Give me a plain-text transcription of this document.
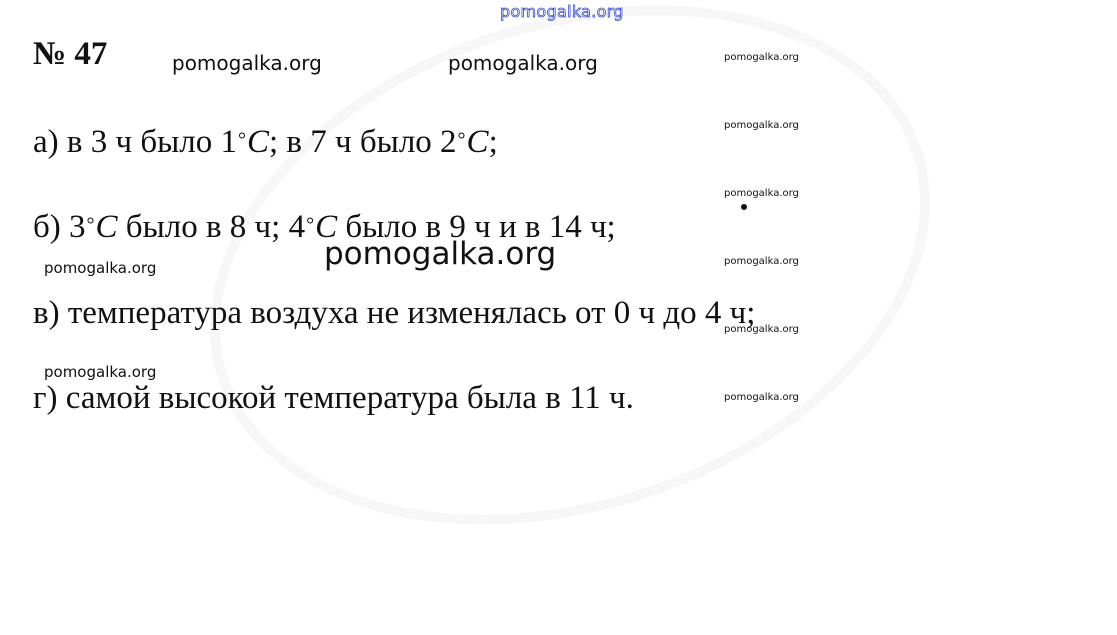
pomogalka.org
№ 47	pomogalka.org	pomogalka.org	pomogalka.org
pomogalka.org
pomogalka.org
pomogalka.org
pomogalka.org
pomogalka.org
а) в 3 ч было 1°C; в 7 ч было 2°C;
б) 3°C было в 8 ч; 4°C было в 9 ч и в 14 ч;
pomogalka.org
pomogalka.org
в) температура воздуха не изменялась от 0 ч до 4 ч;
pomogalka.org
г) самой высокой температура была в 11 ч.
